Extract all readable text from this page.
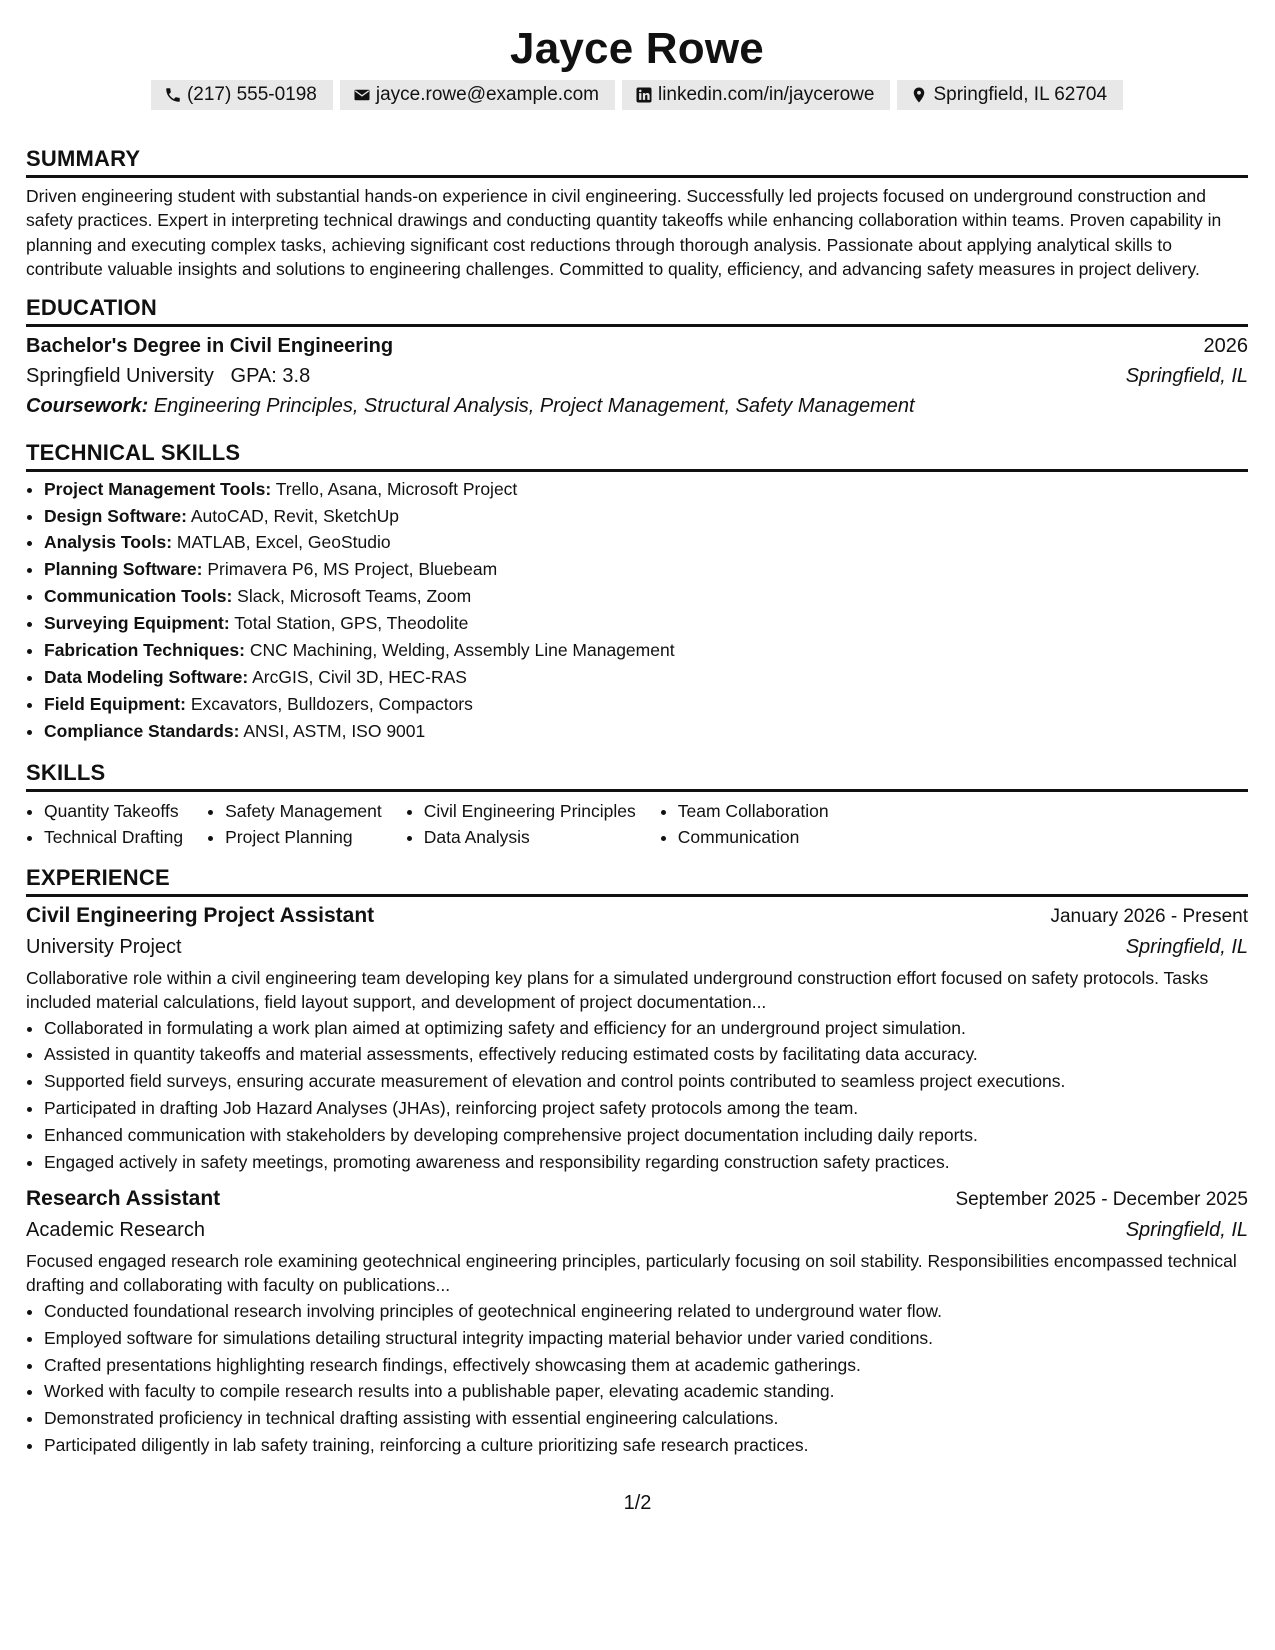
Jayce Rowe
(217) 555-0198	jayce.rowe@example.com	linkedin.com/in/jaycerowe	Springfield, IL 62704
SUMMARY

Driven engineering student with substantial hands-on experience in civil engineering. Successfully led projects focused on underground construction and safety practices. Expert in interpreting technical drawings and conducting quantity takeoffs while enhancing collaboration within teams. Proven capability in planning and executing complex tasks, achieving significant cost reductions through thorough analysis. Passionate about applying analytical skills to contribute valuable insights and solutions to engineering challenges. Committed to quality, efficiency, and advancing safety measures in project delivery.

EDUCATION
Bachelor's Degree in Civil Engineering	2026
Springfield University GPA: 3.8	Springfield, IL
Coursework: Engineering Principles, Structural Analysis, Project Management, Safety Management
TECHNICAL SKILLS
• Project Management Tools: Trello, Asana, Microsoft Project
• Design Software: AutoCAD, Revit, SketchUp
• Analysis Tools: MATLAB, Excel, GeoStudio
• Planning Software: Primavera P6, MS Project, Bluebeam
• Communication Tools: Slack, Microsoft Teams, Zoom
• Surveying Equipment: Total Station, GPS, Theodolite
• Fabrication Techniques: CNC Machining, Welding, Assembly Line Management
• Data Modeling Software: ArcGIS, Civil 3D, HEC-RAS
• Field Equipment: Excavators, Bulldozers, Compactors
• Compliance Standards: ANSI, ASTM, ISO 9001
SKILLS
• Quantity Takeoffs
• Technical Drafting
• Safety Management
• Project Planning
• Civil Engineering Principles
• Data Analysis
• Team Collaboration
• Communication
EXPERIENCE
Civil Engineering Project Assistant	January 2026 - Present
University Project	Springfield, IL

Collaborative role within a civil engineering team developing key plans for a simulated underground construction effort focused on safety protocols. Tasks included material calculations, field layout support, and development of project documentation...

• Collaborated in formulating a work plan aimed at optimizing safety and efficiency for an underground project simulation.
• Assisted in quantity takeoffs and material assessments, effectively reducing estimated costs by facilitating data accuracy.
• Supported field surveys, ensuring accurate measurement of elevation and control points contributed to seamless project executions.
• Participated in drafting Job Hazard Analyses (JHAs), reinforcing project safety protocols among the team.
• Enhanced communication with stakeholders by developing comprehensive project documentation including daily reports.
• Engaged actively in safety meetings, promoting awareness and responsibility regarding construction safety practices.
Research Assistant	September 2025 - December 2025
Academic Research	Springfield, IL

Focused engaged research role examining geotechnical engineering principles, particularly focusing on soil stability. Responsibilities encompassed technical drafting and collaborating with faculty on publications...

• Conducted foundational research involving principles of geotechnical engineering related to underground water flow.
• Employed software for simulations detailing structural integrity impacting material behavior under varied conditions.
• Crafted presentations highlighting research findings, effectively showcasing them at academic gatherings.
• Worked with faculty to compile research results into a publishable paper, elevating academic standing.
• Demonstrated proficiency in technical drafting assisting with essential engineering calculations.
• Participated diligently in lab safety training, reinforcing a culture prioritizing safe research practices.
1/2
